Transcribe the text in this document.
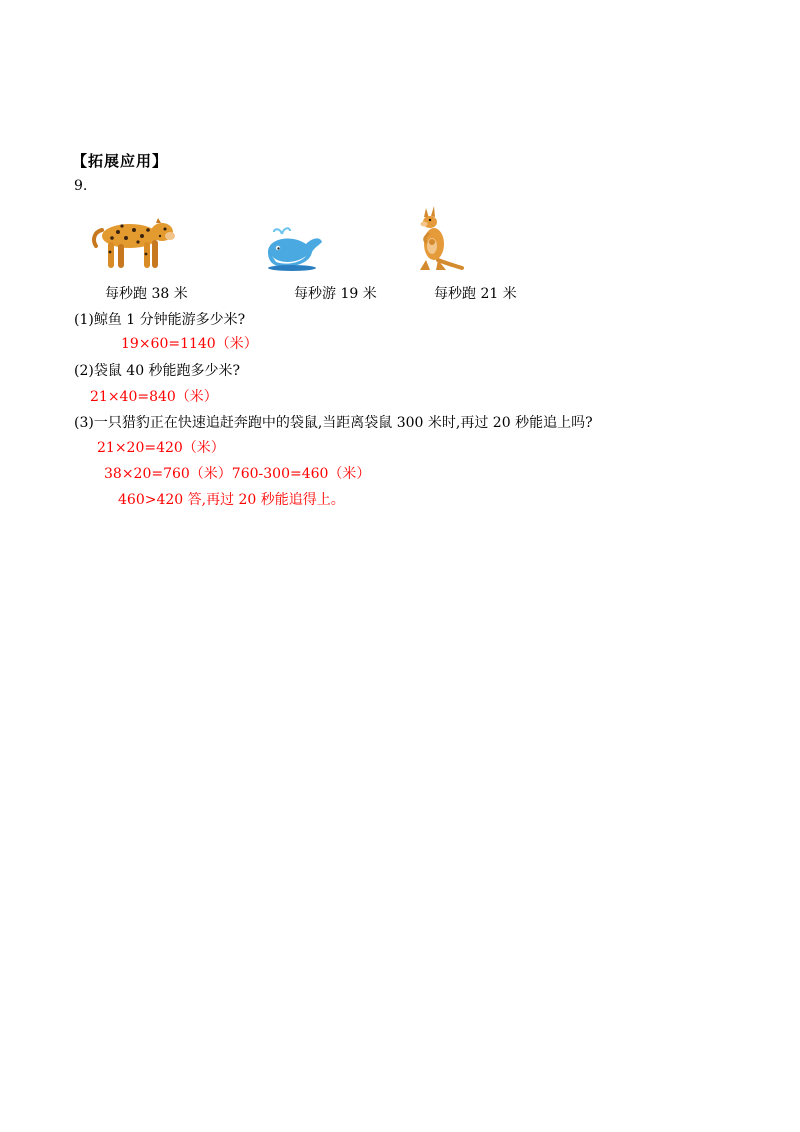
【拓展应用】
9.
每秒跑 38 米	每秒游 19 米	每秒跑 21 米
(1)鲸鱼 1 分钟能游多少米?
19×60=1140（米）
(2)袋鼠 40 秒能跑多少米?
21×40=840（米）
(3)一只猎豹正在快速追赶奔跑中的袋鼠,当距离袋鼠 300 米时,再过 20 秒能追上吗?
21×20=420（米）
38×20=760（米）760-300=460（米）
460>420 答,再过 20 秒能追得上。
